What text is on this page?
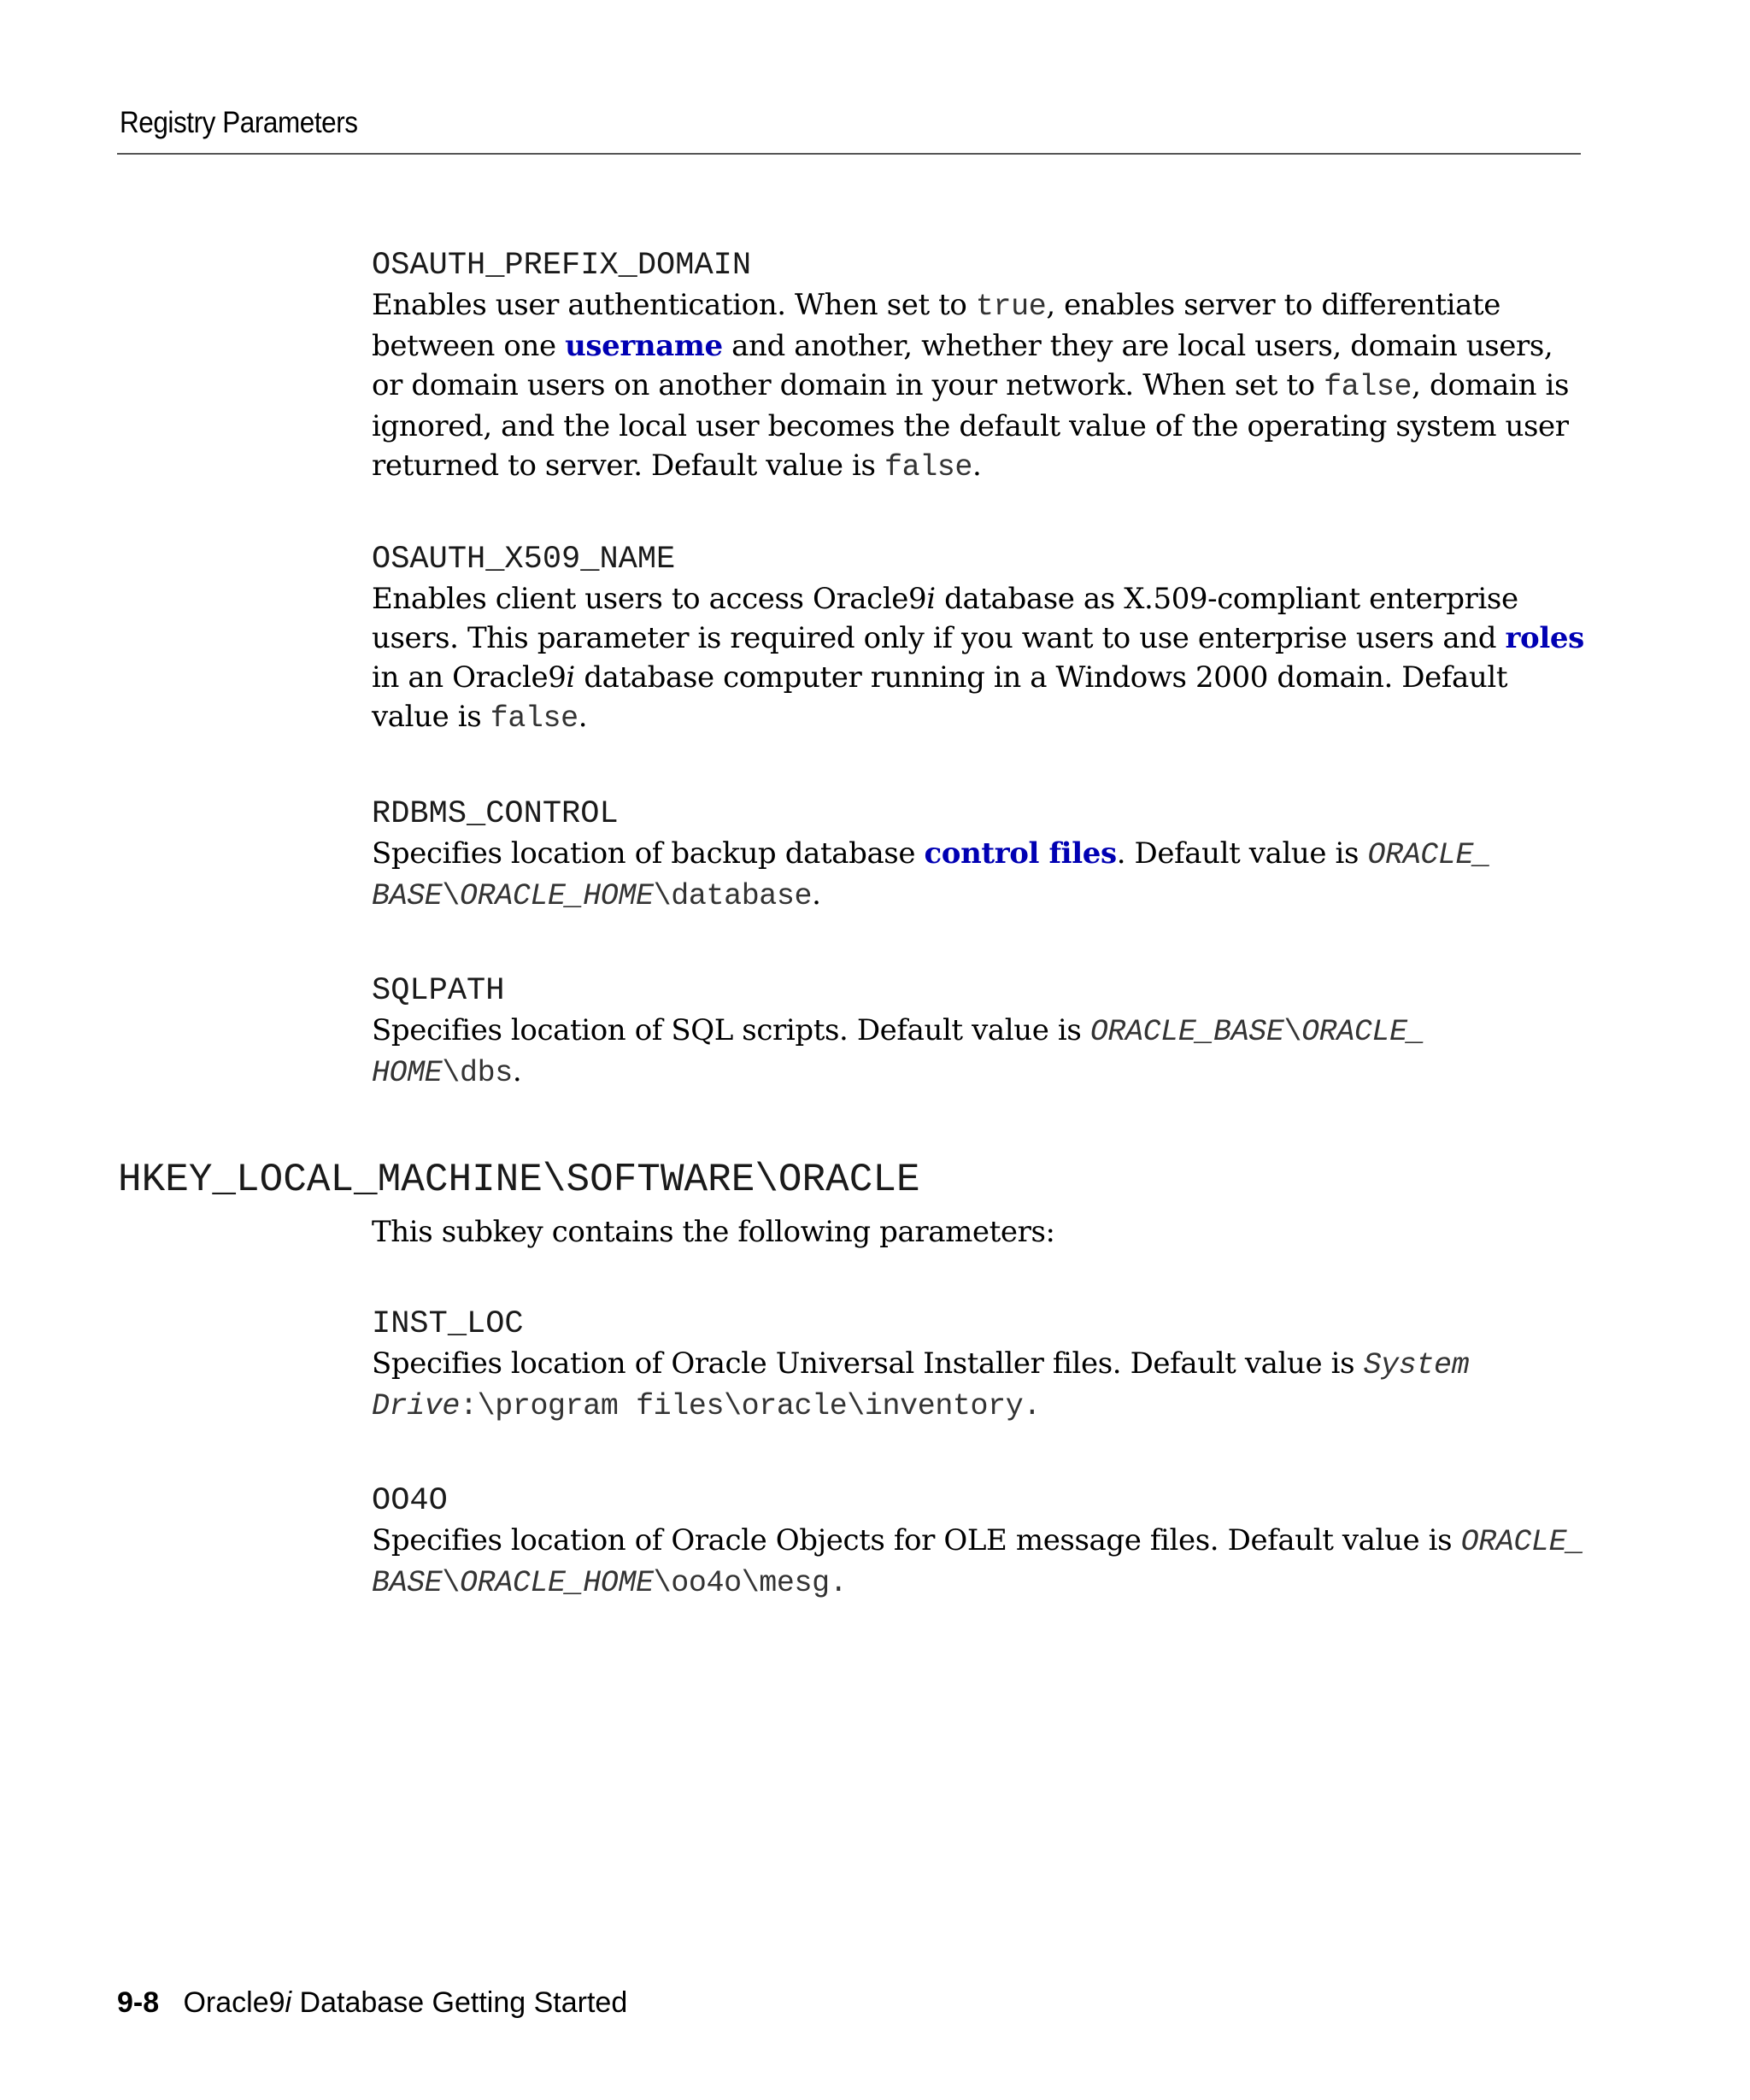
Registry Parameters
OSAUTH_PREFIX_DOMAIN

Enables user authentication. When set to true, enables server to differentiate between one username and another, whether they are local users, domain users, or domain users on another domain in your network. When set to false, domain is ignored, and the local user becomes the default value of the operating system user returned to server. Default value is false.

OSAUTH_X509_NAME

Enables client users to access Oracle9i database as X.509-compliant enterprise users. This parameter is required only if you want to use enterprise users and roles in an Oracle9i database computer running in a Windows 2000 domain. Default value is false.

RDBMS_CONTROL

Specifies location of backup database control files. Default value is ORACLE_
BASE\ORACLE_HOME\database.

SQLPATH

Specifies location of SQL scripts. Default value is ORACLE_BASE\ORACLE_
HOME\dbs.

HKEY_LOCAL_MACHINE\SOFTWARE\ORACLE

This subkey contains the following parameters:

INST_LOC

Specifies location of Oracle Universal Installer files. Default value is System
Drive:\program files\oracle\inventory.

OO4O

Specifies location of Oracle Objects for OLE message files. Default value is ORACLE_
BASE\ORACLE_HOME\oo4o\mesg.

9-8 Oracle9i Database Getting Started
